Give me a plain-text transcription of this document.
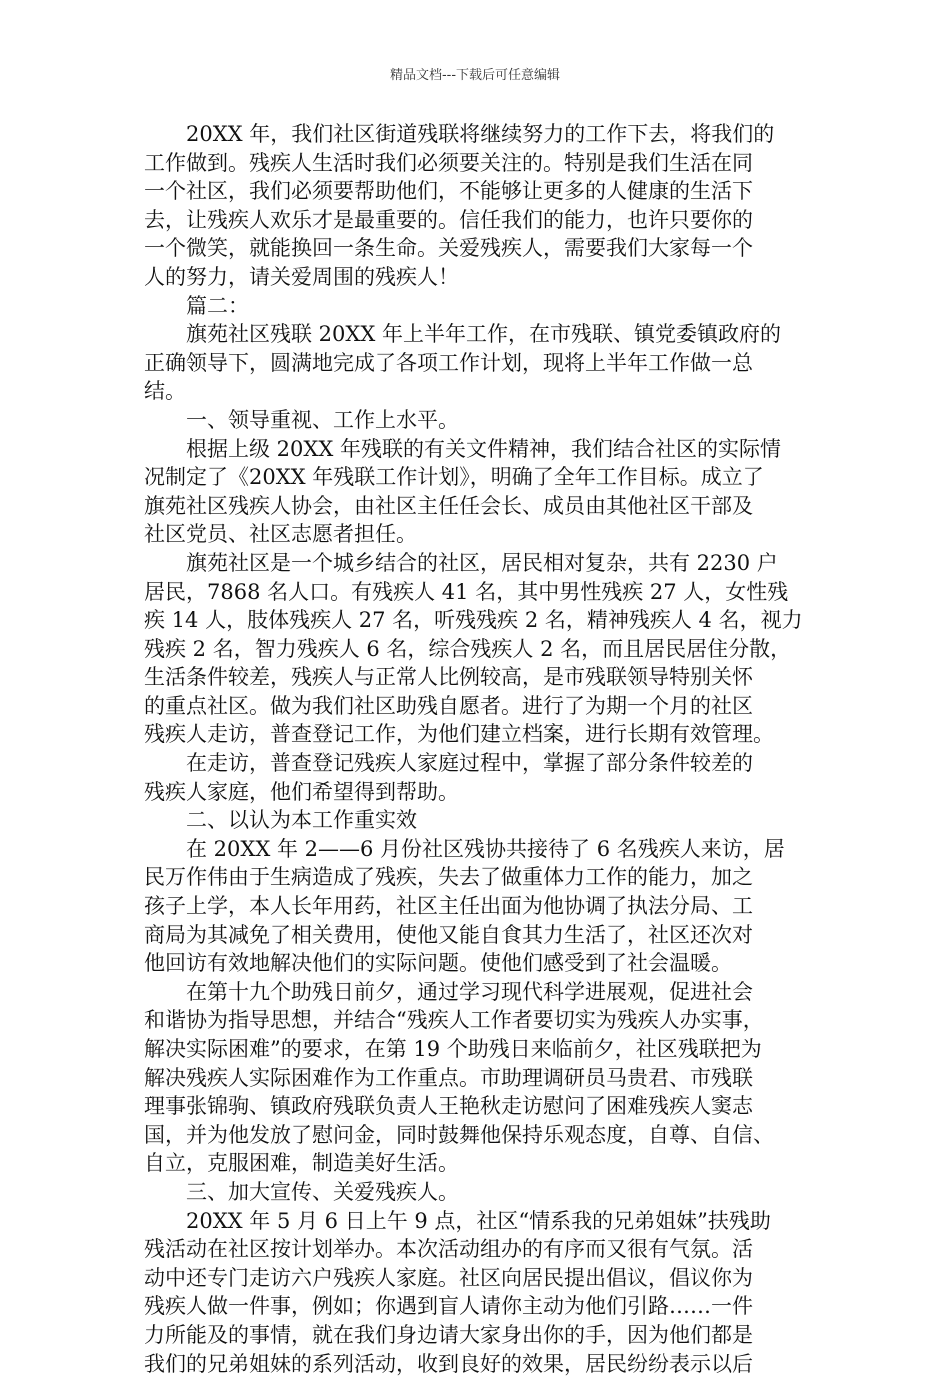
精品文档---下载后可任意编辑
20XX 年，我们社区街道残联将继续努力的工作下去，将我们的
工作做到。残疾人生活时我们必须要关注的。特别是我们生活在同
一个社区，我们必须要帮助他们，不能够让更多的人健康的生活下
去，让残疾人欢乐才是最重要的。信任我们的能力，也许只要你的
一个微笑，就能换回一条生命。关爱残疾人，需要我们大家每一个
人的努力，请关爱周围的残疾人！
篇二：
旗苑社区残联 20XX 年上半年工作，在市残联、镇党委镇政府的
正确领导下，圆满地完成了各项工作计划，现将上半年工作做一总
结。
一、领导重视、工作上水平。
根据上级 20XX 年残联的有关文件精神，我们结合社区的实际情
况制定了《20XX 年残联工作计划》，明确了全年工作目标。成立了
旗苑社区残疾人协会，由社区主任任会长、成员由其他社区干部及
社区党员、社区志愿者担任。
旗苑社区是一个城乡结合的社区，居民相对复杂，共有 2230 户
居民，7868 名人口。有残疾人 41 名，其中男性残疾 27 人，女性残
疾 14 人，肢体残疾人 27 名，听残残疾 2 名，精神残疾人 4 名，视力
残疾 2 名，智力残疾人 6 名，综合残疾人 2 名，而且居民居住分散，
生活条件较差，残疾人与正常人比例较高，是市残联领导特别关怀
的重点社区。做为我们社区助残自愿者。进行了为期一个月的社区
残疾人走访，普查登记工作，为他们建立档案，进行长期有效管理。
在走访，普查登记残疾人家庭过程中，掌握了部分条件较差的
残疾人家庭，他们希望得到帮助。
二、以认为本工作重实效
在 20XX 年 2——6 月份社区残协共接待了 6 名残疾人来访，居
民万作伟由于生病造成了残疾，失去了做重体力工作的能力，加之
孩子上学，本人长年用药，社区主任出面为他协调了执法分局、工
商局为其减免了相关费用，使他又能自食其力生活了，社区还次对
他回访有效地解决他们的实际问题。使他们感受到了社会温暖。
在第十九个助残日前夕，通过学习现代科学进展观，促进社会
和谐协为指导思想，并结合“残疾人工作者要切实为残疾人办实事，
解决实际困难”的要求，在第 19 个助残日来临前夕，社区残联把为
解决残疾人实际困难作为工作重点。市助理调研员马贵君、市残联
理事张锦驹、镇政府残联负责人王艳秋走访慰问了困难残疾人窦志
国，并为他发放了慰问金，同时鼓舞他保持乐观态度，自尊、自信、
自立，克服困难，制造美好生活。
三、加大宣传、关爱残疾人。
20XX 年 5 月 6 日上午 9 点，社区“情系我的兄弟姐妹”扶残助
残活动在社区按计划举办。本次活动组办的有序而又很有气氛。活
动中还专门走访六户残疾人家庭。社区向居民提出倡议，倡议你为
残疾人做一件事，例如；你遇到盲人请你主动为他们引路……一件
力所能及的事情，就在我们身边请大家身出你的手，因为他们都是
我们的兄弟姐妹的系列活动，收到良好的效果，居民纷纷表示以后
